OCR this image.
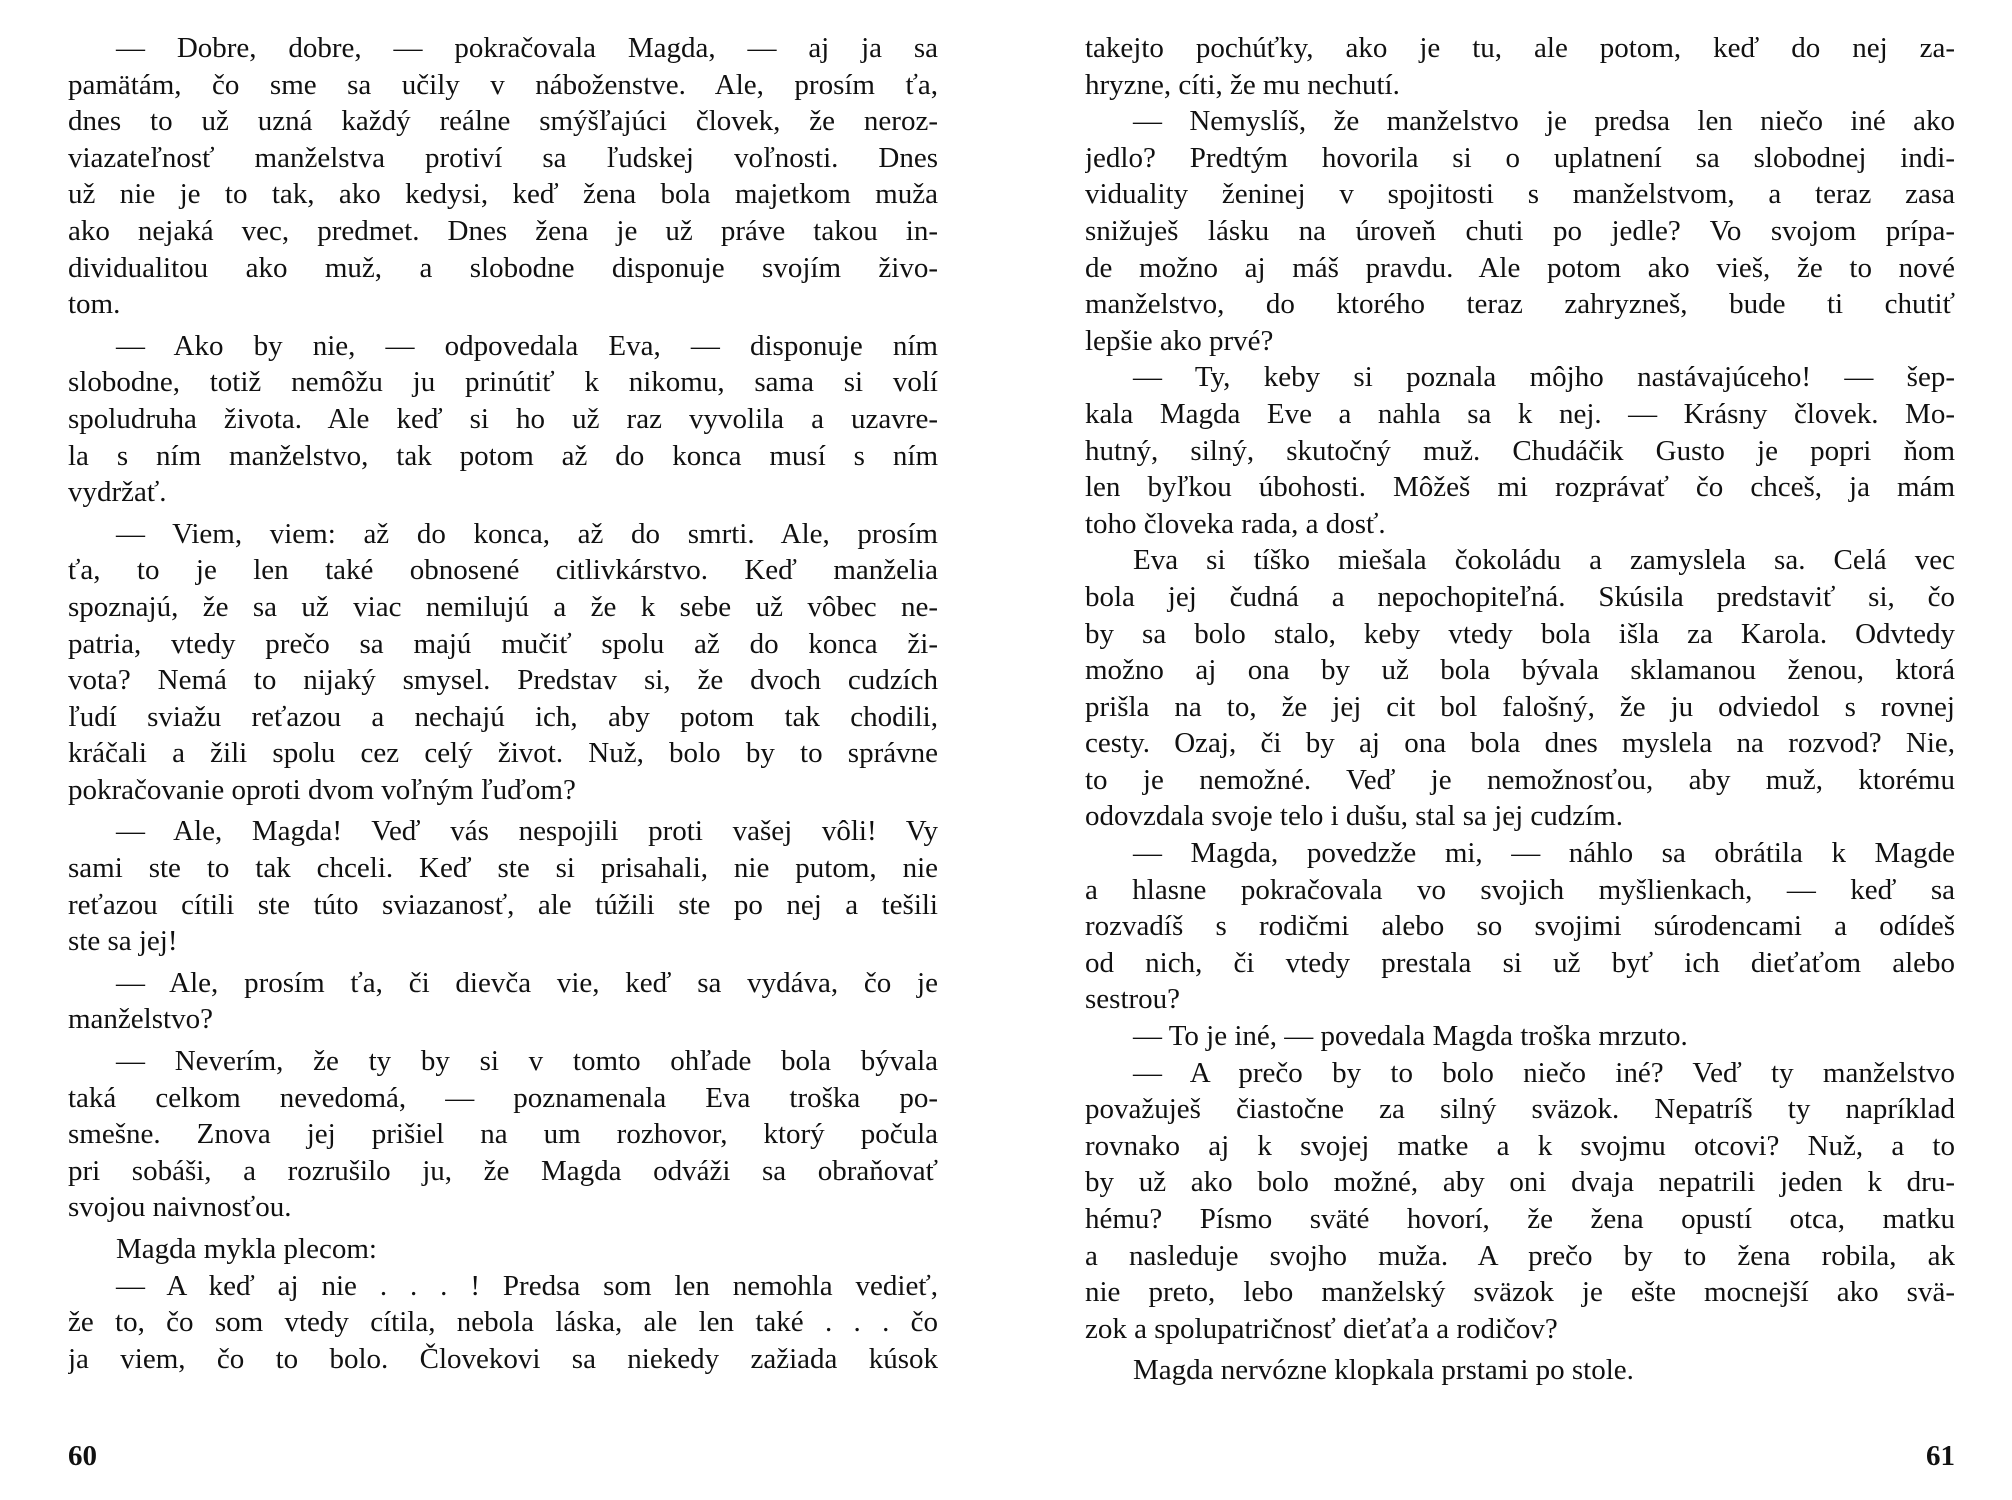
— Dobre, dobre, — pokračovala Magda, — aj ja sa
pamätám, čo sme sa učily v náboženstve. Ale, prosím ťa,
dnes to už uzná každý reálne smýšľajúci človek, že neroz-
viazateľnosť manželstva protiví sa ľudskej voľnosti. Dnes
už nie je to tak, ako kedysi, keď žena bola majetkom muža
ako nejaká vec, predmet. Dnes žena je už práve takou in-
dividualitou ako muž, a slobodne disponuje svojím živo-
tom.
— Ako by nie, — odpovedala Eva, — disponuje ním
slobodne, totiž nemôžu ju prinútiť k nikomu, sama si volí
spoludruha života. Ale keď si ho už raz vyvolila a uzavre-
la s ním manželstvo, tak potom až do konca musí s ním
vydržať.
— Viem, viem: až do konca, až do smrti. Ale, prosím
ťa, to je len také obnosené citlivkárstvo. Keď manželia
spoznajú, že sa už viac nemilujú a že k sebe už vôbec ne-
patria, vtedy prečo sa majú mučiť spolu až do konca ži-
vota? Nemá to nijaký smysel. Predstav si, že dvoch cudzích
ľudí sviažu reťazou a nechajú ich, aby potom tak chodili,
kráčali a žili spolu cez celý život. Nuž, bolo by to správne
pokračovanie oproti dvom voľným ľuďom?
— Ale, Magda! Veď vás nespojili proti vašej vôli! Vy
sami ste to tak chceli. Keď ste si prisahali, nie putom, nie
reťazou cítili ste túto sviazanosť, ale túžili ste po nej a tešili
ste sa jej!
— Ale, prosím ťa, či dievča vie, keď sa vydáva, čo je
manželstvo?
— Neverím, že ty by si v tomto ohľade bola bývala
taká celkom nevedomá, — poznamenala Eva troška po-
smešne. Znova jej prišiel na um rozhovor, ktorý počula
pri sobáši, a rozrušilo ju, že Magda odváži sa obraňovať
svojou naivnosťou.
Magda mykla plecom:
— A keď aj nie . . . ! Predsa som len nemohla vedieť,
že to, čo som vtedy cítila, nebola láska, ale len také . . . čo
ja viem, čo to bolo. Človekovi sa niekedy zažiada kúsok
60
takejto pochúťky, ako je tu, ale potom, keď do nej za-
hryzne, cíti, že mu nechutí.
— Nemyslíš, že manželstvo je predsa len niečo iné ako
jedlo? Predtým hovorila si o uplatnení sa slobodnej indi-
viduality ženinej v spojitosti s manželstvom, a teraz zasa
snižuješ lásku na úroveň chuti po jedle? Vo svojom prípa-
de možno aj máš pravdu. Ale potom ako vieš, že to nové
manželstvo, do ktorého teraz zahryzneš, bude ti chutiť
lepšie ako prvé?
— Ty, keby si poznala môjho nastávajúceho! — šep-
kala Magda Eve a nahla sa k nej. — Krásny človek. Mo-
hutný, silný, skutočný muž. Chudáčik Gusto je popri ňom
len byľkou úbohosti. Môžeš mi rozprávať čo chceš, ja mám
toho človeka rada, a dosť.
Eva si tíško miešala čokoládu a zamyslela sa. Celá vec
bola jej čudná a nepochopiteľná. Skúsila predstaviť si, čo
by sa bolo stalo, keby vtedy bola išla za Karola. Odvtedy
možno aj ona by už bola bývala sklamanou ženou, ktorá
prišla na to, že jej cit bol falošný, že ju odviedol s rovnej
cesty. Ozaj, či by aj ona bola dnes myslela na rozvod? Nie,
to je nemožné. Veď je nemožnosťou, aby muž, ktorému
odovzdala svoje telo i dušu, stal sa jej cudzím.
— Magda, povedzže mi, — náhlo sa obrátila k Magde
a hlasne pokračovala vo svojich myšlienkach, — keď sa
rozvadíš s rodičmi alebo so svojimi súrodencami a odídeš
od nich, či vtedy prestala si už byť ich dieťaťom alebo
sestrou?
— To je iné, — povedala Magda troška mrzuto.
— A prečo by to bolo niečo iné? Veď ty manželstvo
považuješ čiastočne za silný sväzok. Nepatríš ty napríklad
rovnako aj k svojej matke a k svojmu otcovi? Nuž, a to
by už ako bolo možné, aby oni dvaja nepatrili jeden k dru-
hému? Písmo sväté hovorí, že žena opustí otca, matku
a nasleduje svojho muža. A prečo by to žena robila, ak
nie preto, lebo manželský sväzok je ešte mocnejší ako svä-
zok a spolupatričnosť dieťaťa a rodičov?
Magda nervózne klopkala prstami po stole.
61
